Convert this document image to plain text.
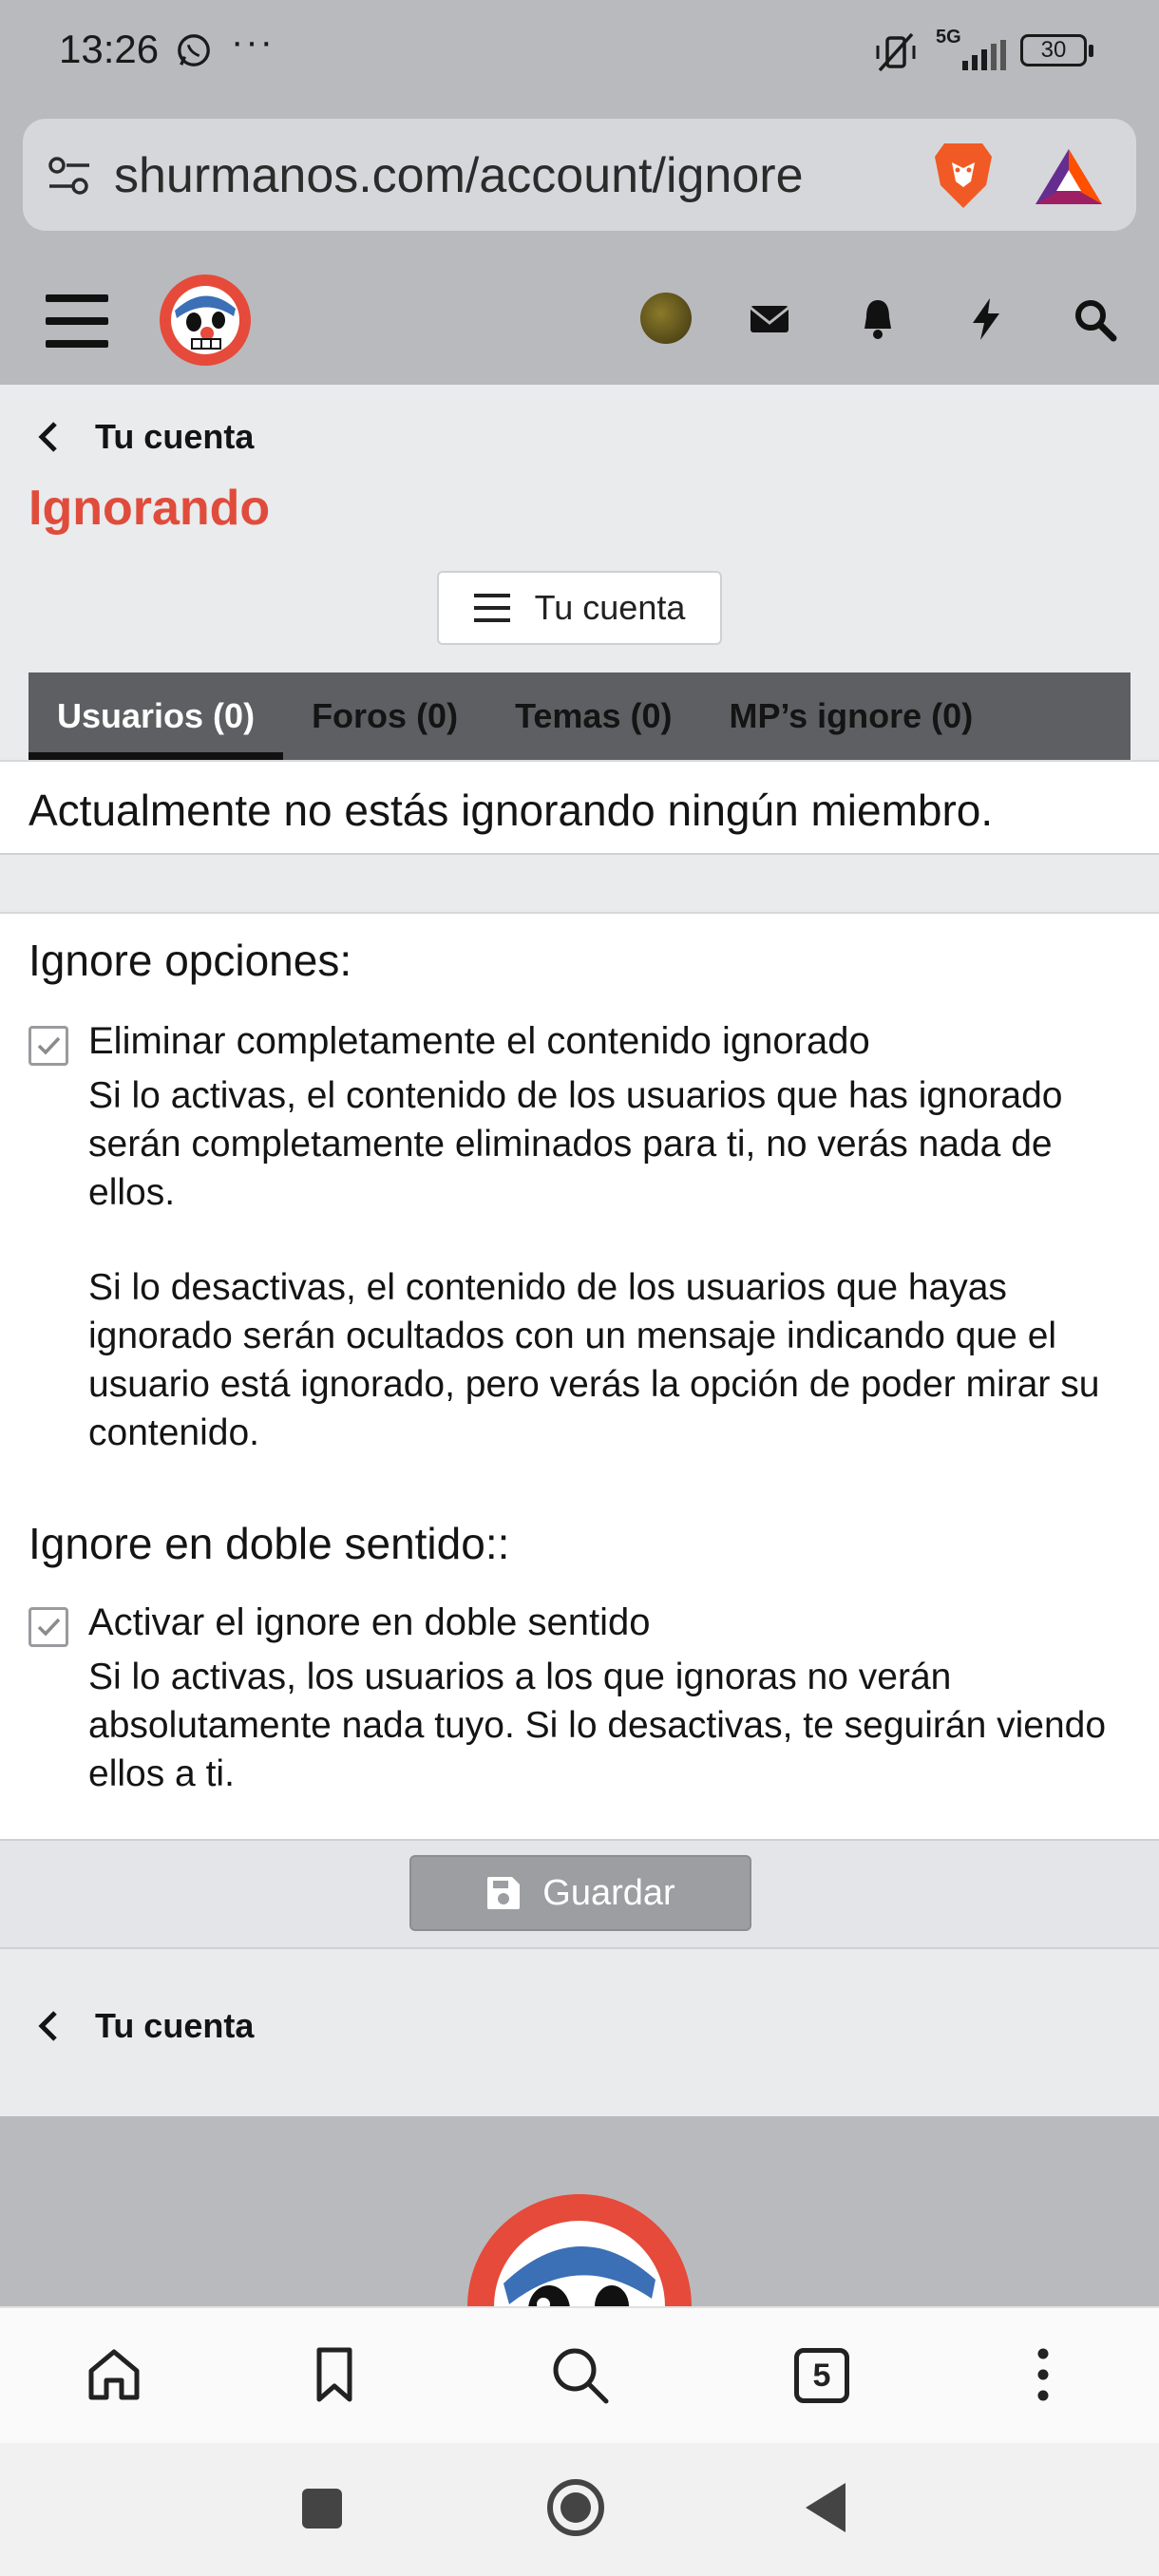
13:26 ···	5G	30
shurmanos.com/account/ignore
Tu cuenta
Ignorando
Tu cuenta
Usuarios (0)	Foros (0)	Temas (0)	MP’s ignore (0)
Actualmente no estás ignorando ningún miembro.
Ignore opciones:
Eliminar completamente el contenido ignorado
Si lo activas, el contenido de los usuarios que has ignorado serán completamente eliminados para ti, no verás nada de ellos.
Si lo desactivas, el contenido de los usuarios que hayas ignorado serán ocultados con un mensaje indicando que el usuario está ignorado, pero verás la opción de poder mirar su contenido.
Ignore en doble sentido::
Activar el ignore en doble sentido
Si lo activas, los usuarios a los que ignoras no verán absolutamente nada tuyo. Si lo desactivas, te seguirán viendo ellos a ti.
Guardar
Tu cuenta
5
